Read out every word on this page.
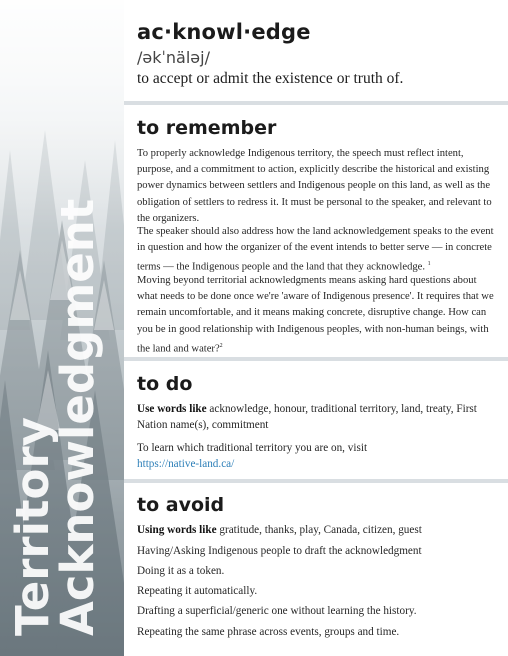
Territory
Acknowledgment
ac·knowl·edge
/əkˈnäləj/
to accept or admit the existence or truth of.
to remember

To properly acknowledge Indigenous territory, the speech must reflect intent, purpose, and a commitment to action, explicitly describe the historical and existing power dynamics between settlers and Indigenous people on this land, as well as the obligation of settlers to redress it. It must be personal to the speaker, and relevant to the organizers.

The speaker should also address how the land acknowledgement speaks to the event in question and how the organizer of the event intends to better serve — in concrete terms — the Indigenous people and the land that they acknowledge. $^1$

Moving beyond territorial acknowledgments means asking hard questions about what needs to be done once we're 'aware of Indigenous presence'. It requires that we remain uncomfortable, and it means making concrete, disruptive change. How can you be in good relationship with Indigenous peoples, with non-human beings, with the land and water?$^2$

to do

Use words like acknowledge, honour, traditional territory, land, treaty, First

Nation name(s), commitment

To learn which traditional territory you are on, visit

https://native-land.ca/

to avoid

Using words like gratitude, thanks, play, Canada, citizen, guest

Having/Asking Indigenous people to draft the acknowledgment

Doing it as a token.

Repeating it automatically.

Drafting a superficial/generic one without learning the history.

Repeating the same phrase across events, groups and time.
